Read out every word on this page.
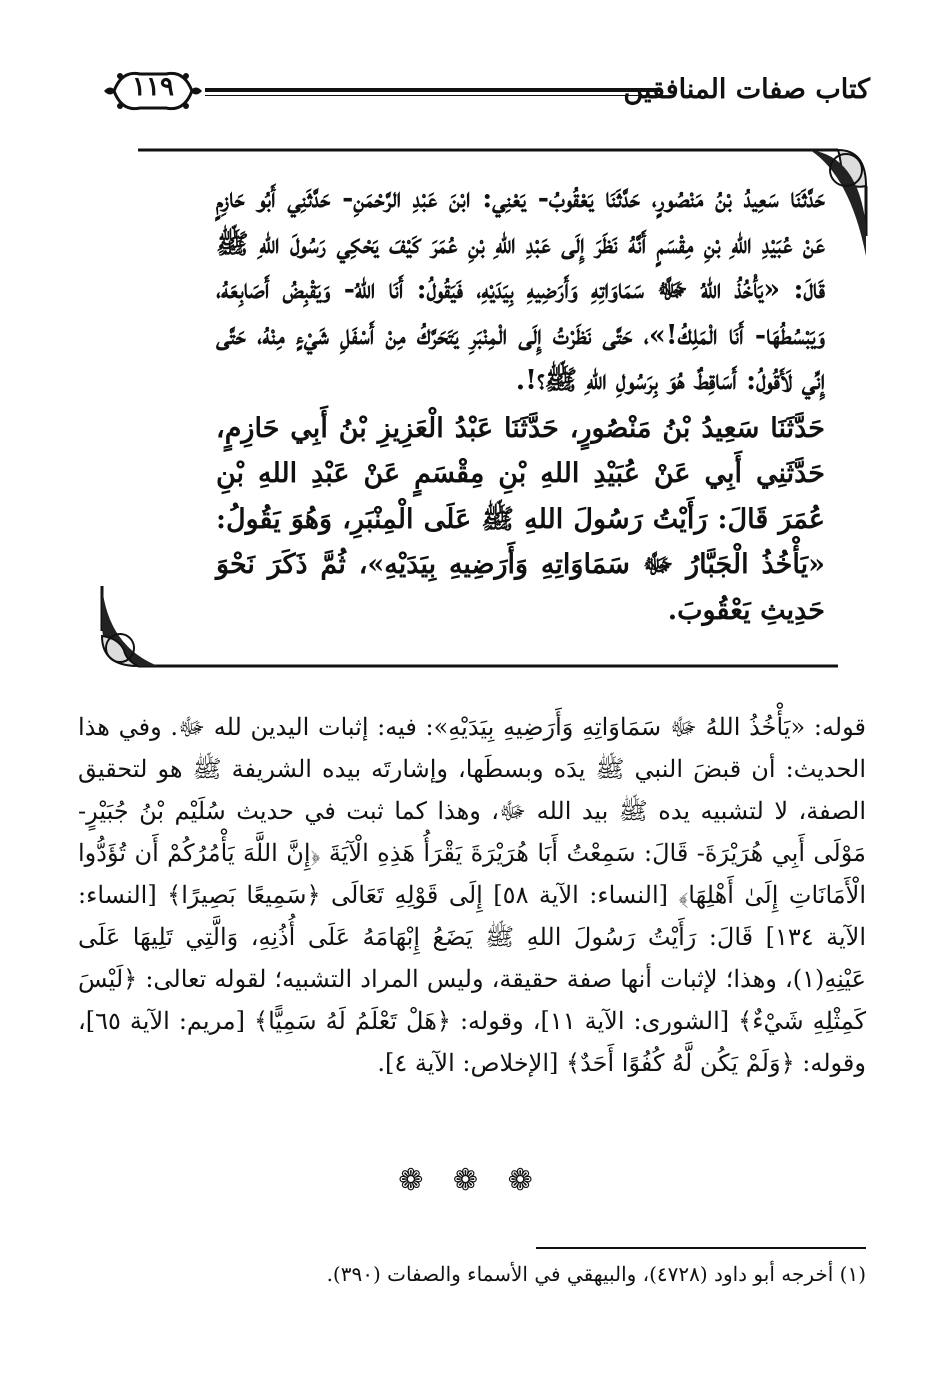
كتاب صفات المنافقين
١١٩

حَدَّثَنَا سَعِيدُ بْنُ مَنْصُورٍ، حَدَّثَنَا يَعْقُوبُ- يَعْنِي: ابْنَ عَبْدِ الرَّحْمَنِ- حَدَّثَنِي أَبُو حَازِمٍ عَنْ عُبَيْدِ اللهِ بْنِ مِقْسَمٍ أَنَّهُ نَظَرَ إِلَى عَبْدِ اللهِ بْنِ عُمَرَ كَيْفَ يَحْكِي رَسُولَ اللهِ ﷺ قَالَ: «يَأْخُذُ اللهُ ﷻ سَمَاوَاتِهِ وَأَرَضِيهِ بِيَدَيْهِ، فَيَقُولُ: أَنَا اللهُ- وَيَقْبِضُ أَصَابِعَهُ، وَيَبْسُطُهَا- أَنَا الْمَلِكُ!»، حَتَّى نَظَرْتُ إِلَى الْمِنْبَرِ يَتَحَرَّكُ مِنْ أَسْفَلِ شَيْءٍ مِنْهُ، حَتَّى إِنِّي لَأَقُولُ: أَسَاقِطٌ هُوَ بِرَسُولِ اللهِ ﷺ؟!.

حَدَّثَنَا سَعِيدُ بْنُ مَنْصُورٍ، حَدَّثَنَا عَبْدُ الْعَزِيزِ بْنُ أَبِي حَازِمٍ، حَدَّثَنِي أَبِي عَنْ عُبَيْدِ اللهِ بْنِ مِقْسَمٍ عَنْ عَبْدِ اللهِ بْنِ عُمَرَ قَالَ: رَأَيْتُ رَسُولَ اللهِ ﷺ عَلَى الْمِنْبَرِ، وَهُوَ يَقُولُ: «يَأْخُذُ الْجَبَّارُ ﷻ سَمَاوَاتِهِ وَأَرَضِيهِ بِيَدَيْهِ»، ثُمَّ ذَكَرَ نَحْوَ حَدِيثِ يَعْقُوبَ.

قوله: «يَأْخُذُ اللهُ ﷻ سَمَاوَاتِهِ وَأَرَضِيهِ بِيَدَيْهِ»: فيه: إثبات اليدين لله ﷻ. وفي هذا الحديث: أن قبضَ النبي ﷺ يدَه وبسطَها، وإشارتَه بيده الشريفة ﷺ هو لتحقيق الصفة، لا لتشبيه يده ﷺ بيد الله ﷻ، وهذا كما ثبت في حديث سُلَيْم بْنُ جُبَيْرٍ- مَوْلَى أَبِي هُرَيْرَةَ- قَالَ: سَمِعْتُ أَبَا هُرَيْرَةَ يَقْرَأُ هَذِهِ الْآيَةَ ﴿إِنَّ اللَّهَ يَأْمُرُكُمْ أَن تُؤَدُّوا الْأَمَانَاتِ إِلَىٰ أَهْلِهَا﴾ [النساء: الآية ٥٨] إِلَى قَوْلِهِ تَعَالَى ﴿سَمِيعًا بَصِيرًا﴾ [النساء: الآية ١٣٤] قَالَ: رَأَيْتُ رَسُولَ اللهِ ﷺ يَضَعُ إِبْهَامَهُ عَلَى أُذُنِهِ، وَالَّتِي تَلِيهَا عَلَى عَيْنِهِ(١)، وهذا؛ لإثبات أنها صفة حقيقة، وليس المراد التشبيه؛ لقوله تعالى: ﴿لَيْسَ كَمِثْلِهِ شَيْءٌ﴾ [الشورى: الآية ١١]، وقوله: ﴿هَلْ تَعْلَمُ لَهُ سَمِيًّا﴾ [مريم: الآية ٦٥]، وقوله: ﴿وَلَمْ يَكُن لَّهُ كُفُوًا أَحَدٌ﴾ [الإخلاص: الآية ٤].

❁ ❁ ❁
(١) أخرجه أبو داود (٤٧٢٨)، والبيهقي في الأسماء والصفات (٣٩٠).
